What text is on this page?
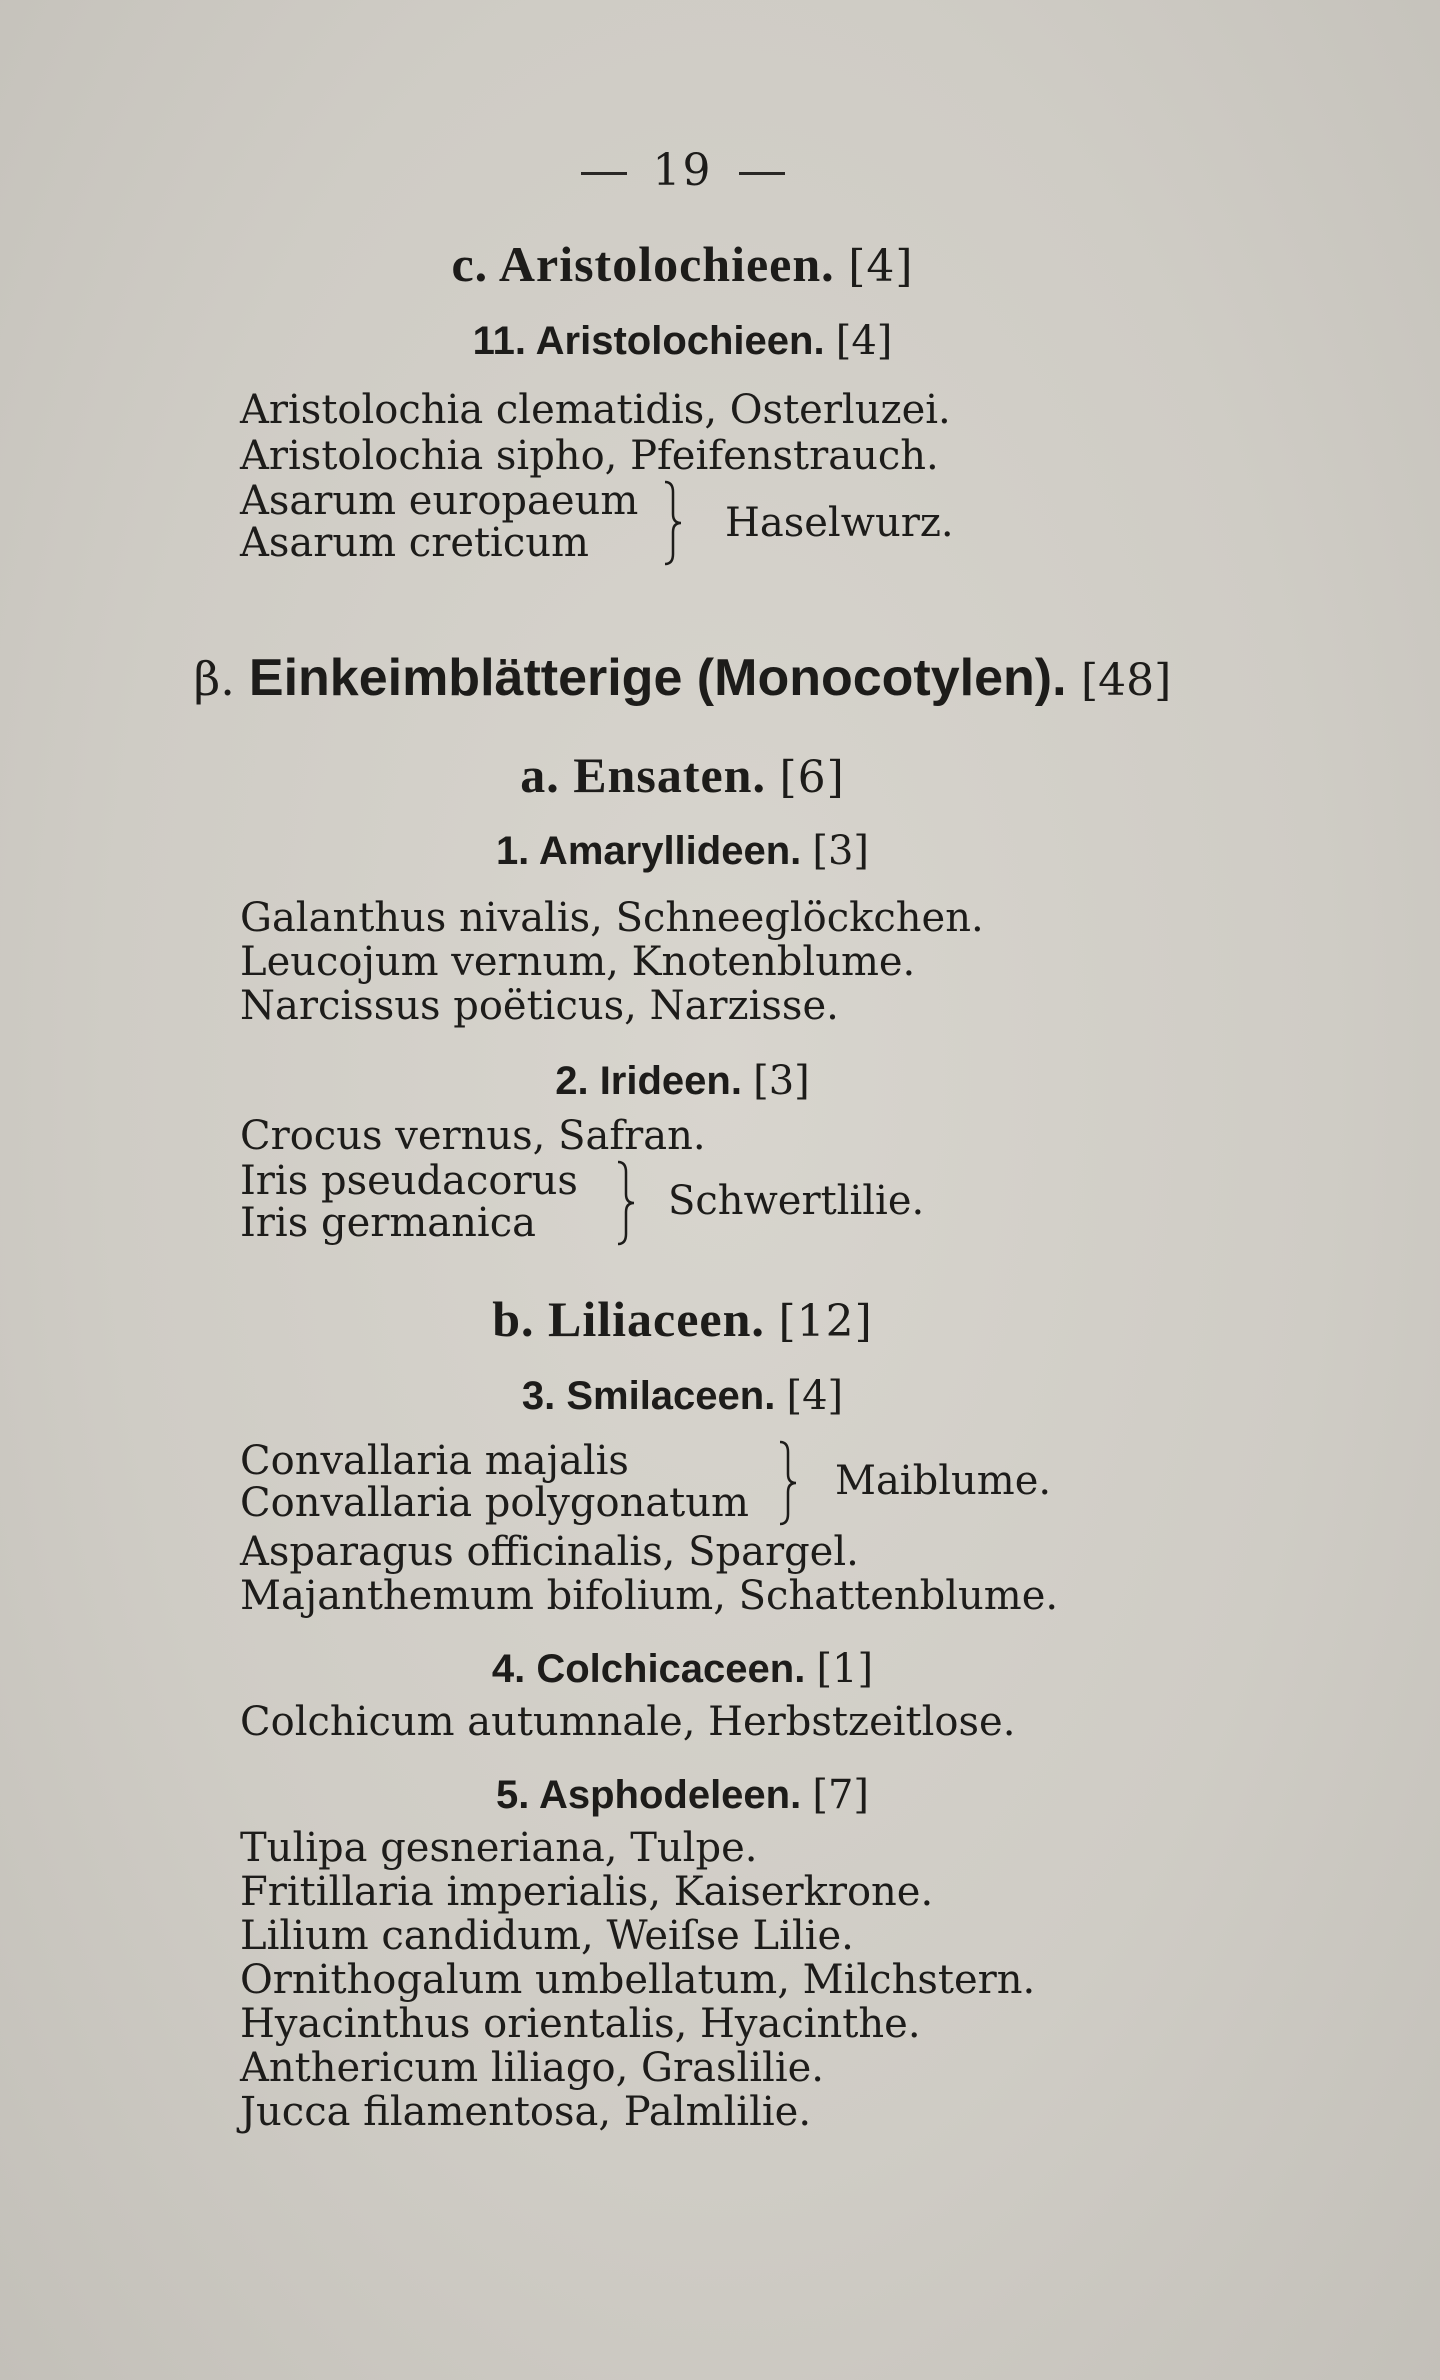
19
c. Aristolochieen. [4]
11. Aristolochieen. [4]
Aristolochia clematidis, Osterluzei.
Aristolochia sipho, Pfeifenstrauch.
Asarum europaeum
Asarum creticum	Haselwurz.
β. Einkeimblätterige (Monocotylen). [48]
a. Ensaten. [6]
1. Amaryllideen. [3]
Galanthus nivalis, Schneeglöckchen.
Leucojum vernum, Knotenblume.
Narcissus poëticus, Narzisse.
2. Irideen. [3]
Crocus vernus, Safran.
Iris pseudacorus
Iris germanica	Schwertlilie.
b. Liliaceen. [12]
3. Smilaceen. [4]
Convallaria majalis
Convallaria polygonatum Maiblume.
Asparagus officinalis, Spargel.
Majanthemum bifolium, Schattenblume.
4. Colchicaceen. [1]
Colchicum autumnale, Herbstzeitlose.
5. Asphodeleen. [7]
Tulipa gesneriana, Tulpe.
Fritillaria imperialis, Kaiserkrone.
Lilium candidum, Weiſse Lilie.
Ornithogalum umbellatum, Milchstern.
Hyacinthus orientalis, Hyacinthe.
Anthericum liliago, Graslilie.
Jucca filamentosa, Palmlilie.
